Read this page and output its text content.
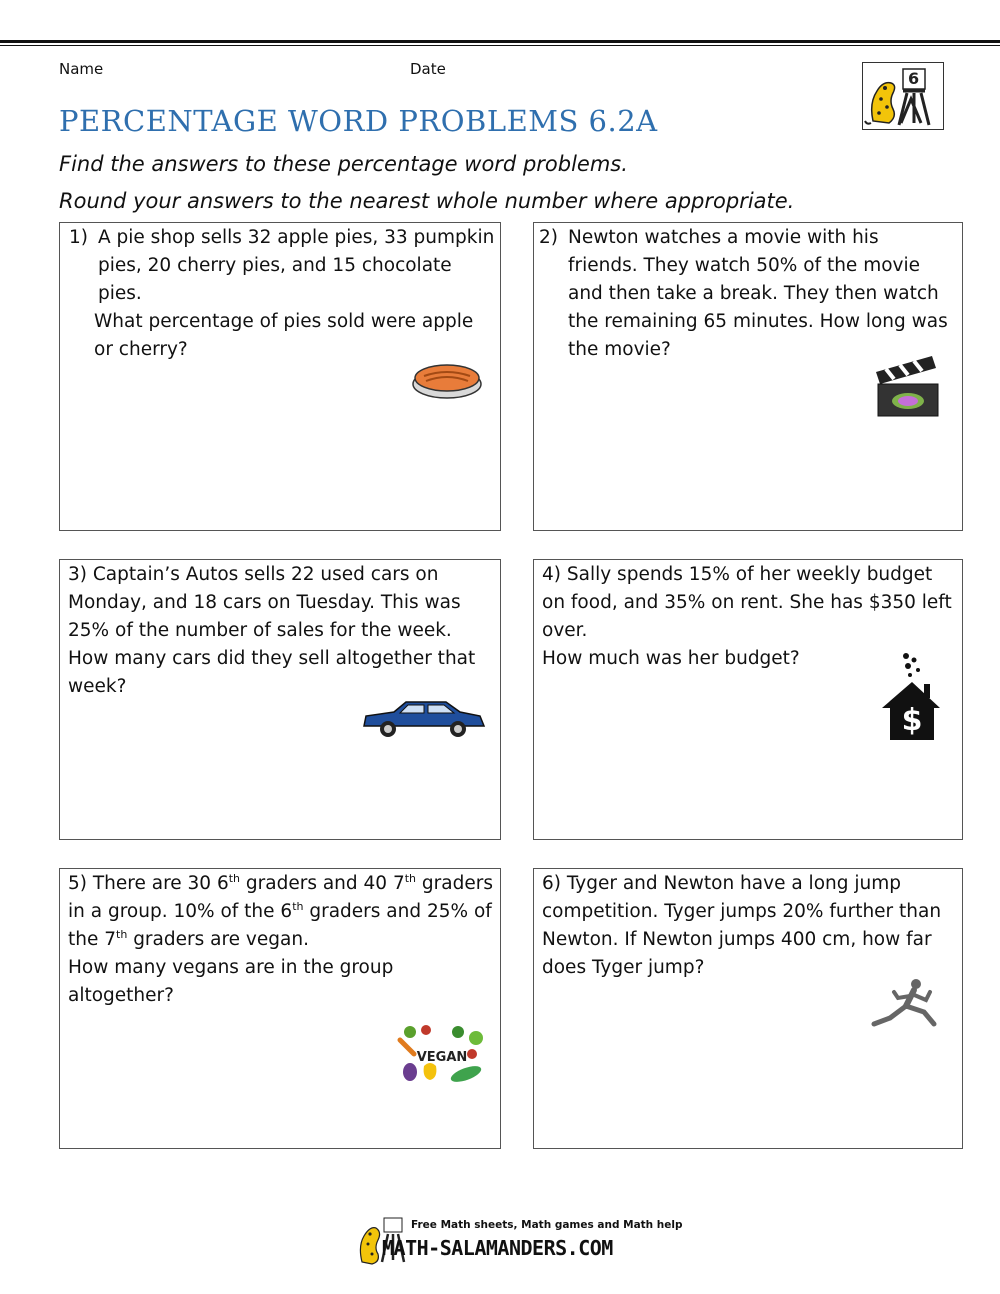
Name	Date	6
PERCENTAGE WORD PROBLEMS 6.2A
Find the answers to these percentage word problems.
Round your answers to the nearest whole number where appropriate.
1) A pie shop sells 32 apple pies, 33 pumpkin
pies, 20 cherry pies, and 15 chocolate
pies.
What percentage of pies sold were apple
or cherry?
2) Newton watches a movie with his
friends. They watch 50% of the movie
and then take a break. They then watch
the remaining 65 minutes. How long was
the movie?
3) Captain’s Autos sells 22 used cars on
Monday, and 18 cars on Tuesday. This was
25% of the number of sales for the week.
How many cars did they sell altogether that
week?
4) Sally spends 15% of her weekly budget
on food, and 35% on rent. She has $350 left
over.
How much was her budget?
$
5) There are 30 6th graders and 40 7th graders
in a group. 10% of the 6th graders and 25% of
the 7th graders are vegan.
How many vegans are in the group
altogether?
VEGAN
6) Tyger and Newton have a long jump
competition. Tyger jumps 20% further than
Newton. If Newton jumps 400 cm, how far
does Tyger jump?
Free Math sheets, Math games and Math help
MATH-SALAMANDERS.COM
